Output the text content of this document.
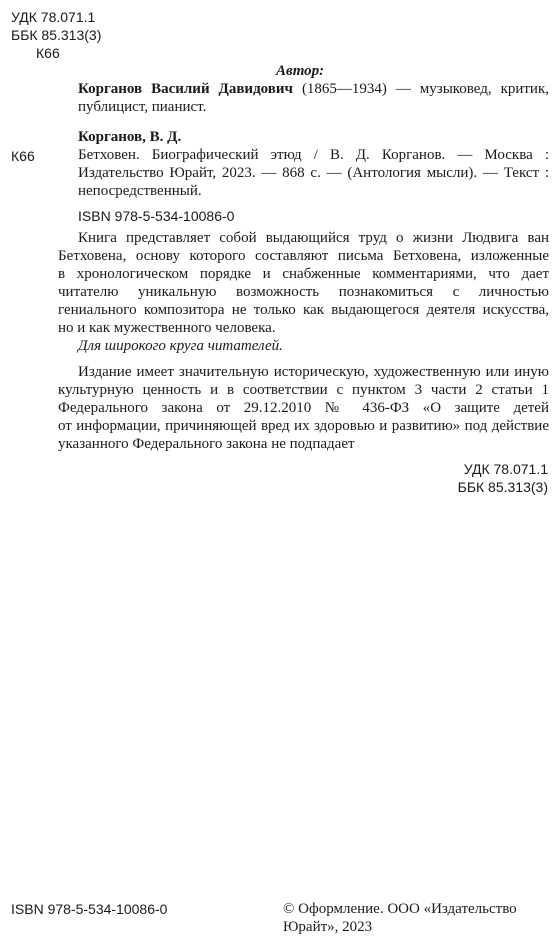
УДК 78.071.1
ББК 85.313(3)
К66
Автор:
Корганов Василий Давидович (1865—1934) — музыковед, критик,
публицист, пианист.
Корганов, В. Д.
К66	Бетховен. Биографический этюд / В. Д. Корганов. — Москва :
Издательство Юрайт, 2023. — 868 с. — (Антология мысли). — Текст :
непосредственный.
ISBN 978-5-534-10086-0
Книга представляет собой выдающийся труд о жизни Людвига ван
Бетховена, основу которого составляют письма Бетховена, изложенные
в хронологическом порядке и снабженные комментариями, что дает
читателю уникальную возможность познакомиться с личностью
гениального композитора не только как выдающегося деятеля искусства,
но и как мужественного человека.
Для широкого круга читателей.
Издание имеет значительную историческую, художественную или иную
культурную ценность и в соответствии с пунктом 3 части 2 статьи 1
Федерального закона от 29.12.2010 № 436-ФЗ «О защите детей
от информации, причиняющей вред их здоровью и развитию» под действие
указанного Федерального закона не подпадает
УДК 78.071.1
ББК 85.313(3)
ISBN 978-5-534-10086-0	© Оформление. ООО «Издательство
Юрайт», 2023
